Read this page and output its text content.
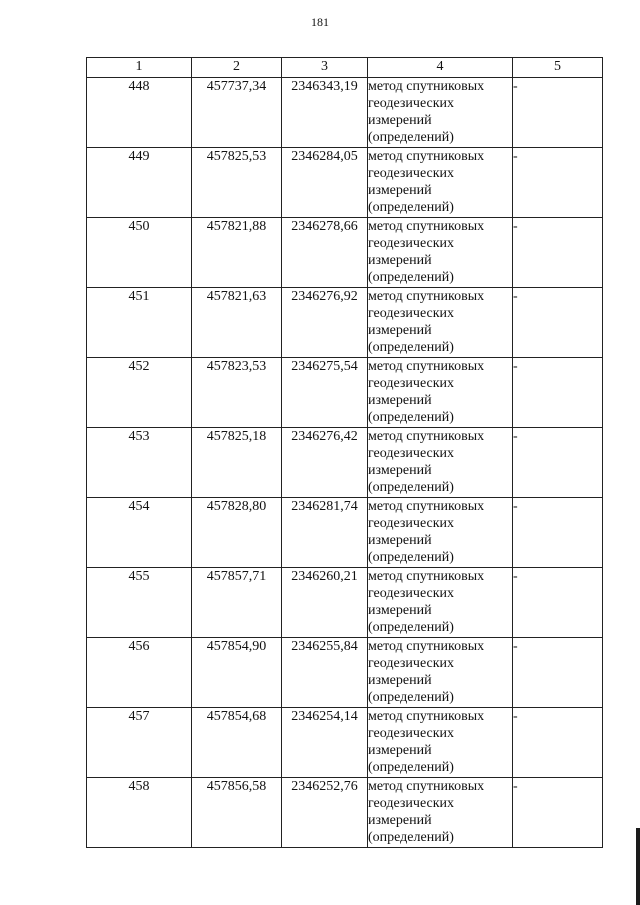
181
1	2	3	4	5
448	457737,34	2346343,19	метод спутниковых
геодезических
измерений
(определений)	-
449	457825,53	2346284,05	метод спутниковых
геодезических
измерений
(определений)	-
450	457821,88	2346278,66	метод спутниковых
геодезических
измерений
(определений)	-
451	457821,63	2346276,92	метод спутниковых
геодезических
измерений
(определений)	-
452	457823,53	2346275,54	метод спутниковых
геодезических
измерений
(определений)	-
453	457825,18	2346276,42	метод спутниковых
геодезических
измерений
(определений)	-
454	457828,80	2346281,74	метод спутниковых
геодезических
измерений
(определений)	-
455	457857,71	2346260,21	метод спутниковых
геодезических
измерений
(определений)	-
456	457854,90	2346255,84	метод спутниковых
геодезических
измерений
(определений)	-
457	457854,68	2346254,14	метод спутниковых
геодезических
измерений
(определений)	-
458	457856,58	2346252,76	метод спутниковых
геодезических
измерений
(определений)	-
